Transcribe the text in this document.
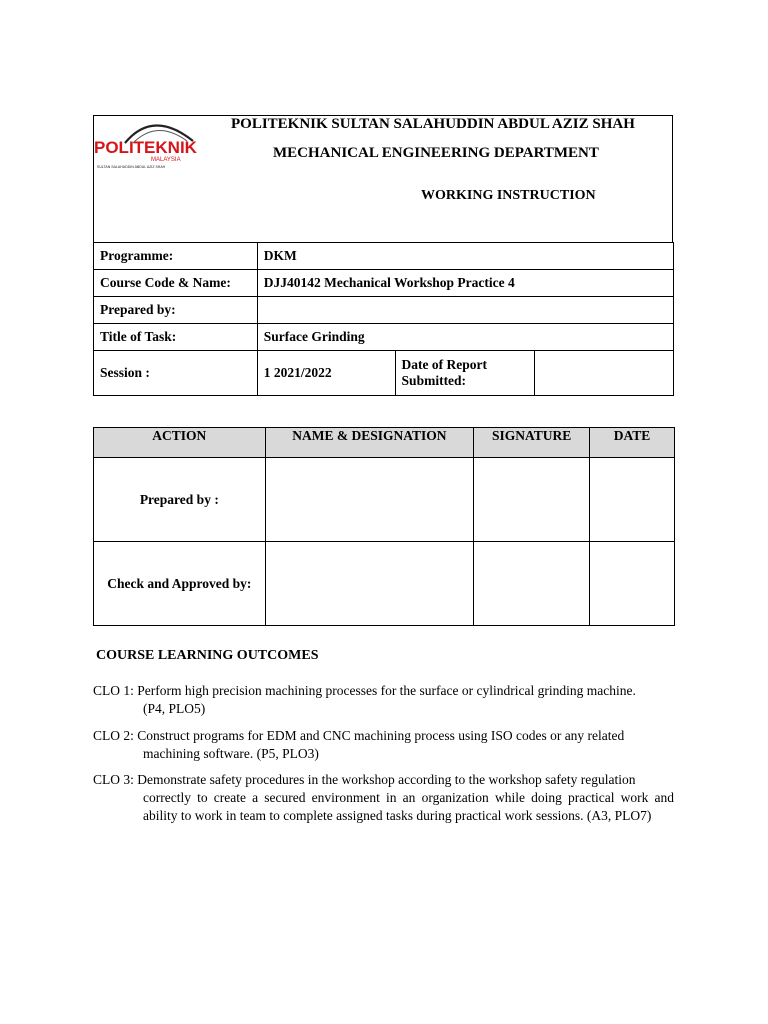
POLITEKNIK
MALAYSIA
SULTAN SALAHUDDIN ABDUL AZIZ SHAH
POLITEKNIK SULTAN SALAHUDDIN ABDUL AZIZ SHAH
MECHANICAL ENGINEERING DEPARTMENT
WORKING INSTRUCTION
Programme:	DKM		
Course Code & Name:	DJJ40142 Mechanical Workshop Practice 4		
Prepared by:			
Title of Task:	Surface Grinding		
Session :	1 2021/2022	Date of Report
Submitted:	
ACTION	NAME & DESIGNATION	SIGNATURE	DATE
Prepared by :			
Check and Approved by:			
COURSE LEARNING OUTCOMES
CLO 1: Perform high precision machining processes for the surface or cylindrical grinding machine.
(P4, PLO5)
CLO 2: Construct programs for EDM and CNC machining process using ISO codes or any related
machining software. (P5, PLO3)
CLO 3: Demonstrate safety procedures in the workshop according to the workshop safety regulation
correctly to create a secured environment in an organization while doing practical work and ability to work in team to complete assigned tasks during practical work sessions. (A3, PLO7)
